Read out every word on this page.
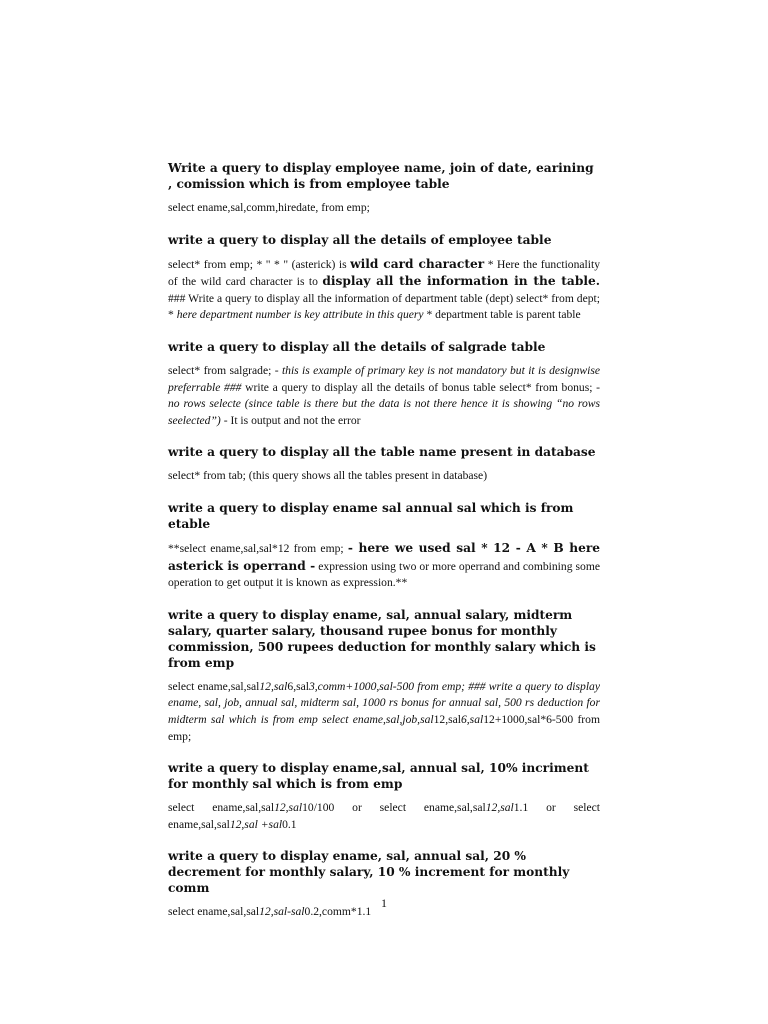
Write a query to display employee name, join of date, earining , comission which is from employee table
select ename,sal,comm,hiredate, from emp;
write a query to display all the details of employee table
select* from emp; * " * " (asterick) is wild card character * Here the functionality of the wild card character is to display all the information in the table. ### Write a query to display all the information of department table (dept) select* from dept; * here department number is key attribute in this query * department table is parent table
write a query to display all the details of salgrade table
select* from salgrade; - this is example of primary key is not mandatory but it is designwise preferrable ### write a query to display all the details of bonus table select* from bonus; - no rows selecte (since table is there but the data is not there hence it is showing “no rows seelected”) - It is output and not the error
write a query to display all the table name present in database
select* from tab; (this query shows all the tables present in database)
write a query to display ename sal annual sal which is from etable
**select ename,sal,sal*12 from emp; - here we used sal * 12 - A * B here asterick is operrand - expression using two or more operrand and combining some operation to get output it is known as expression.**
write a query to display ename, sal, annual salary, midterm salary, quarter salary, thousand rupee bonus for monthly commission, 500 rupees deduction for monthly salary which is from emp
select ename,sal,sal12,sal6,sal3,comm+1000,sal-500 from emp; ### write a query to display ename, sal, job, annual sal, midterm sal, 1000 rs bonus for annual sal, 500 rs deduction for midterm sal which is from emp select ename,sal,job,sal12,sal6,sal12+1000,sal*6-500 from emp;
write a query to display ename,sal, annual sal, 10% incriment for monthly sal which is from emp
select ename,sal,sal12,sal10/100 or select ename,sal,sal12,sal1.1 or select ename,sal,sal12,sal +sal0.1
write a query to display ename, sal, annual sal, 20 % decrement for monthly salary, 10 % increment for monthly comm
select ename,sal,sal12,sal-sal0.2,comm*1.1
1
